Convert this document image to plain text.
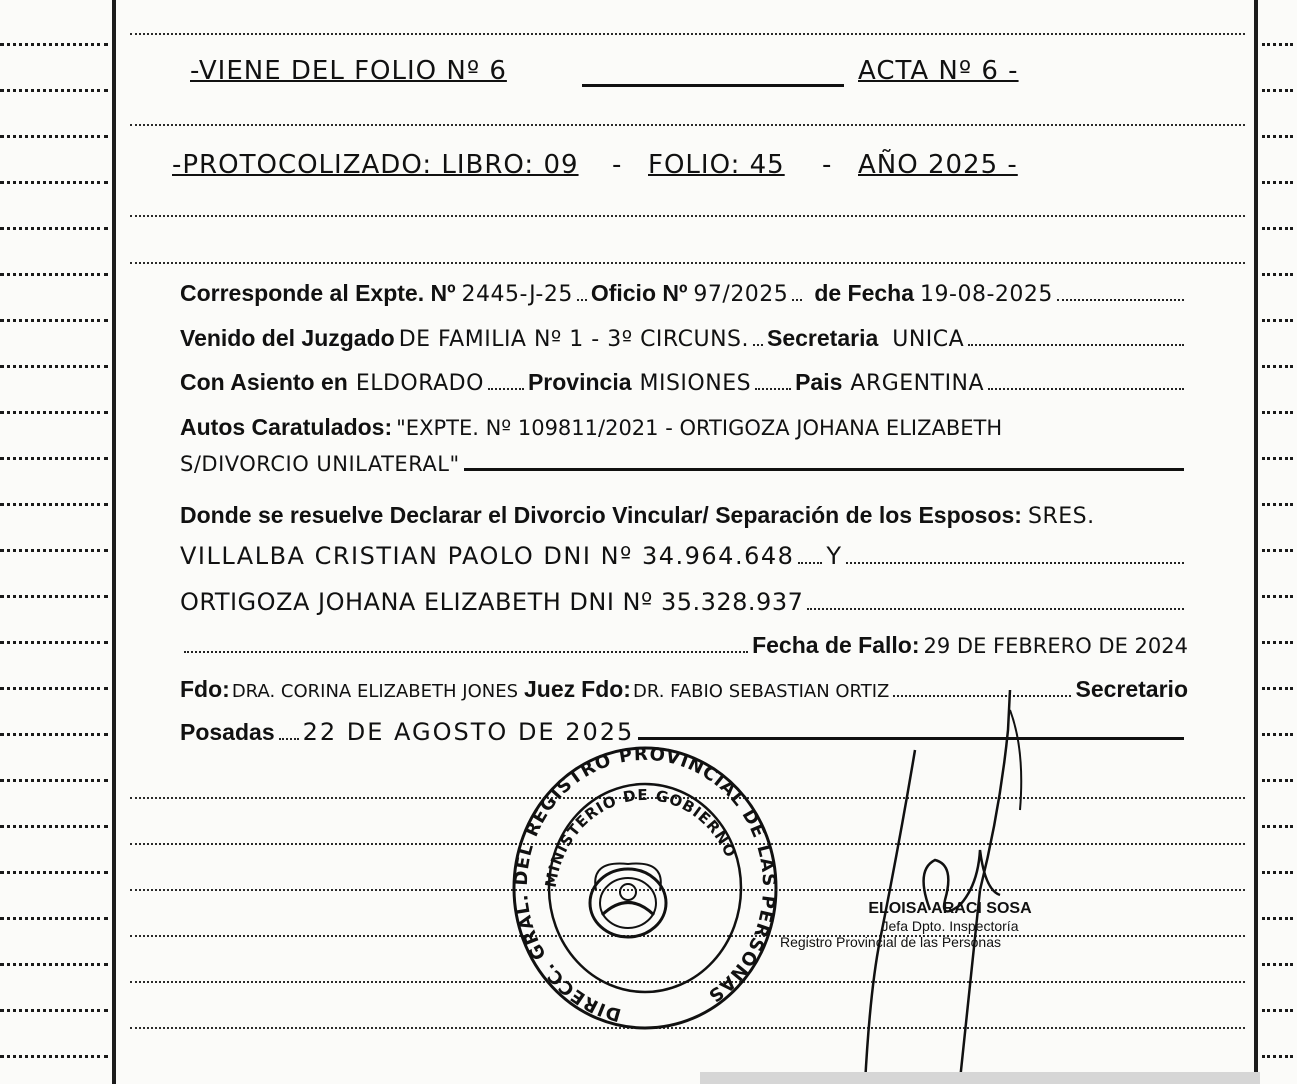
-VIENE DEL FOLIO Nº 6	ACTA Nº 6 -
-PROTOCOLIZADO: LIBRO: 09 - FOLIO: 45 - AÑO 2025 -
Corresponde al Expte. Nº 2445-J-25 Oficio Nº 97/2025 de Fecha 19-08-2025
Venido del Juzgado DE FAMILIA Nº 1 - 3º CIRCUNS. Secretaria UNICA
Con Asiento en ELDORADO Provincia MISIONES Pais ARGENTINA
Autos Caratulados: "EXPTE. Nº 109811/2021 - ORTIGOZA JOHANA ELIZABETH
S/DIVORCIO UNILATERAL"
Donde se resuelve Declarar el Divorcio Vincular/ Separación de los Esposos: SRES.
VILLALBA CRISTIAN PAOLO DNI Nº 34.964.648 Y
ORTIGOZA JOHANA ELIZABETH DNI Nº 35.328.937
Fecha de Fallo: 29 DE FEBRERO DE 2024
Fdo: DRA. CORINA ELIZABETH JONES Juez Fdo: DR. FABIO SEBASTIAN ORTIZ	Secretario
Posadas 22 DE AGOSTO DE 2025
DIRECC. GRAL. DEL REGISTRO PROVINCIAL DE LAS PERSONAS
MINISTERIO DE GOBIERNO
ELOISA ARACI SOSA
Jefa Dpto. Inspectoría
Registro Provincial de las Personas
